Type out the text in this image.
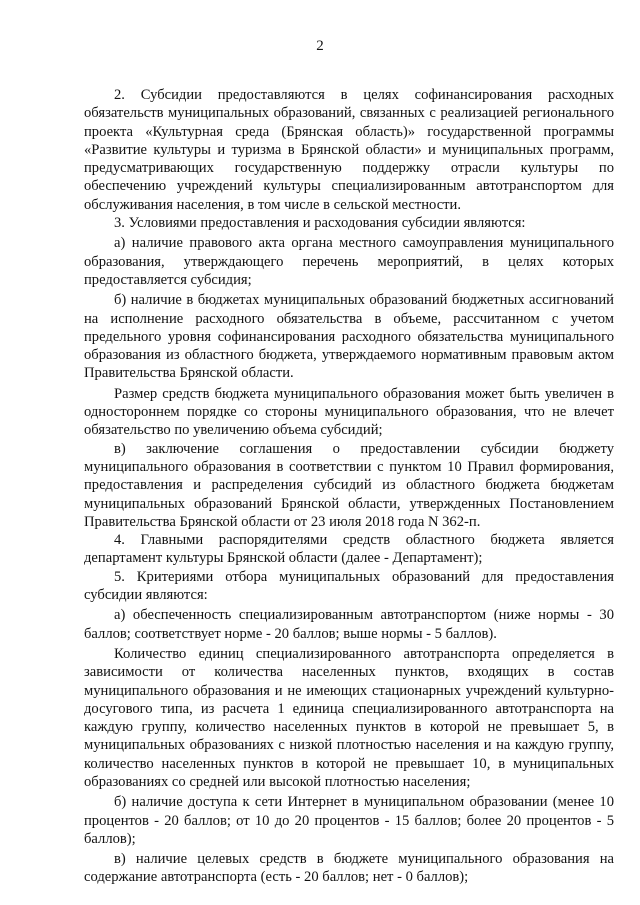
2

2. Субсидии предоставляются в целях софинансирования расходных обязательств муниципальных образований, связанных с реализацией регионального проекта «Культурная среда (Брянская область)» государственной программы «Развитие культуры и туризма в Брянской области» и муниципальных программ, предусматривающих государственную поддержку отрасли культуры по обеспечению учреждений культуры специализированным автотранспортом для обслуживания населения, в том числе в сельской местности.

3. Условиями предоставления и расходования субсидии являются:

а) наличие правового акта органа местного самоуправления муниципального образования, утверждающего перечень мероприятий, в целях которых предоставляется субсидия;

б) наличие в бюджетах муниципальных образований бюджетных ассигнований на исполнение расходного обязательства в объеме, рассчитанном с учетом предельного уровня софинансирования расходного обязательства муниципального образования из областного бюджета, утверждаемого нормативным правовым актом Правительства Брянской области.

Размер средств бюджета муниципального образования может быть увеличен в одностороннем порядке со стороны муниципального образования, что не влечет обязательство по увеличению объема субсидий;

в) заключение соглашения о предоставлении субсидии бюджету муниципального образования в соответствии с пунктом 10 Правил формирования, предоставления и распределения субсидий из областного бюджета бюджетам муниципальных образований Брянской области, утвержденных Постановлением Правительства Брянской области от 23 июля 2018 года N 362-п.

4. Главными распорядителями средств областного бюджета является департамент культуры Брянской области (далее - Департамент);

5. Критериями отбора муниципальных образований для предоставления субсидии являются:

а) обеспеченность специализированным автотранспортом (ниже нормы - 30 баллов; соответствует норме - 20 баллов; выше нормы - 5 баллов).

Количество единиц специализированного автотранспорта определяется в зависимости от количества населенных пунктов, входящих в состав муниципального образования и не имеющих стационарных учреждений культурно-досугового типа, из расчета 1 единица специализированного автотранспорта на каждую группу, количество населенных пунктов в которой не превышает 5, в муниципальных образованиях с низкой плотностью населения и на каждую группу, количество населенных пунктов в которой не превышает 10, в муниципальных образованиях со средней или высокой плотностью населения;

б) наличие доступа к сети Интернет в муниципальном образовании (менее 10 процентов - 20 баллов; от 10 до 20 процентов - 15 баллов; более 20 процентов - 5 баллов);

в) наличие целевых средств в бюджете муниципального образования на содержание автотранспорта (есть - 20 баллов; нет - 0 баллов);
